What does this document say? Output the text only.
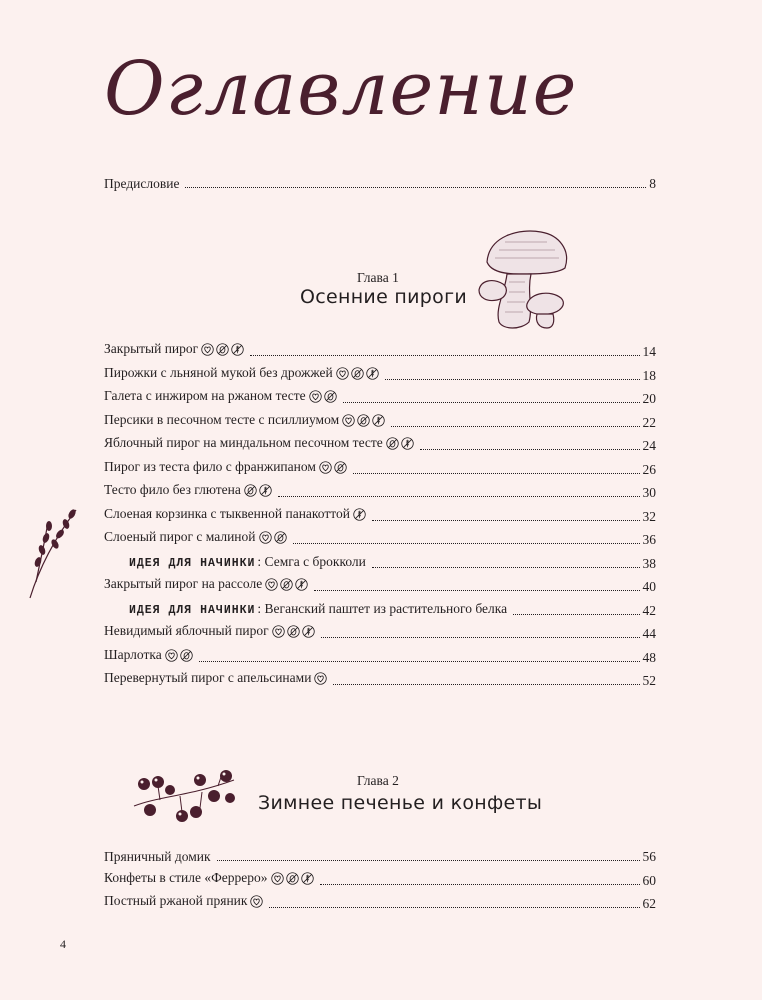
Оглавление
Предисловие	8
Глава 1
Осенние пироги
Закрытый пирог	14
Пирожки с льняной мукой без дрожжей	18
Галета с инжиром на ржаном тесте	20
Персики в песочном тесте с псиллиумом	22
Яблочный пирог на миндальном песочном тесте	24
Пирог из теста фило с франжипаном	26
Тесто фило без глютена	30
Слоеная корзинка с тыквенной панакоттой	32
Слоеный пирог с малиной	36
ИДЕЯ ДЛЯ НАЧИНКИ : Семга с брокколи	38
Закрытый пирог на рассоле	40
ИДЕЯ ДЛЯ НАЧИНКИ : Веганский паштет из растительного белка	42
Невидимый яблочный пирог	44
Шарлотка	48
Перевернутый пирог с апельсинами	52
Глава 2
Зимнее печенье и конфеты
Пряничный домик	56
Конфеты в стиле «Ферреро»	60
Постный ржаной пряник	62
4
